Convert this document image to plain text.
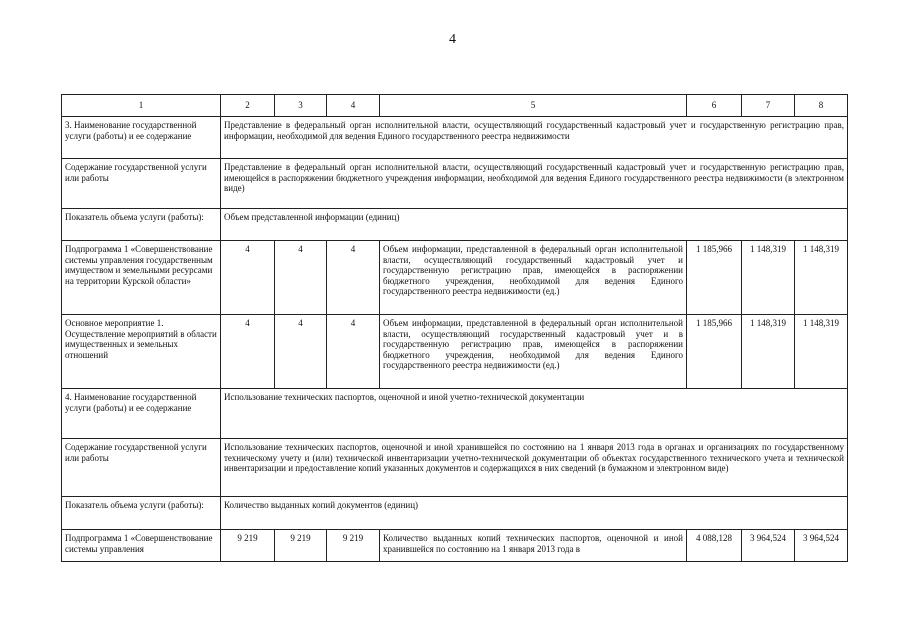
4
1	2	3	4	5	6	7	8
3. Наименование государственной услуги (работы) и ее содержание	Представление в федеральный орган исполнительной власти, осуществляющий государственный кадастровый учет и государственную регистрацию прав, информации, необходимой для ведения Единого государственного реестра недвижимости						
Содержание государственной услуги или работы	Представление в федеральный орган исполнительной власти, осуществляющий государственный кадастровый учет и государственную регистрацию прав, имеющейся в распоряжении бюджетного учреждения информации, необходимой для ведения Единого государственного реестра недвижимости (в электронном виде)						
Показатель объема услуги (работы):	Объем представленной информации (единиц)						
Подпрограмма 1 «Совершенствование системы управления государственным имуществом и земельными ресурсами на территории Курской области»	4	4	4	Объем информации, представленной в федеральный орган исполнительной власти, осуществляющий государственный кадастровый учет и государственную регистрацию прав, имеющейся в распоряжении бюджетного учреждения, необходимой для ведения Единого государственного реестра недвижимости (ед.)	1 185,966	1 148,319	1 148,319
Основное мероприятие 1. Осуществление мероприятий в области имущественных и земельных отношений	4	4	4	Объем информации, представленной в федеральный орган исполнительной власти, осуществляющий государственный кадастровый учет и в государственную регистрацию прав, имеющейся в распоряжении бюджетного учреждения, необходимой для ведения Единого государственного реестра недвижимости (ед.)	1 185,966	1 148,319	1 148,319
4. Наименование государственной услуги (работы) и ее содержание	Использование технических паспортов, оценочной и иной учетно-технической документации						
Содержание государственной услуги или работы	Использование технических паспортов, оценочной и иной хранившейся по состоянию на 1 января 2013 года в органах и организациях по государственному техническому учету и (или) технической инвентаризации учетно-технической документации об объектах государственного технического учета и технической инвентаризации и предоставление копий указанных документов и содержащихся в них сведений (в бумажном и электронном виде)						
Показатель объема услуги (работы):	Количество выданных копий документов (единиц)						
Подпрограмма 1 «Совершенствование системы управления	9 219	9 219	9 219	Количество выданных копий технических паспортов, оценочной и иной хранившейся по состоянию на 1 января 2013 года в	4 088,128	3 964,524	3 964,524
